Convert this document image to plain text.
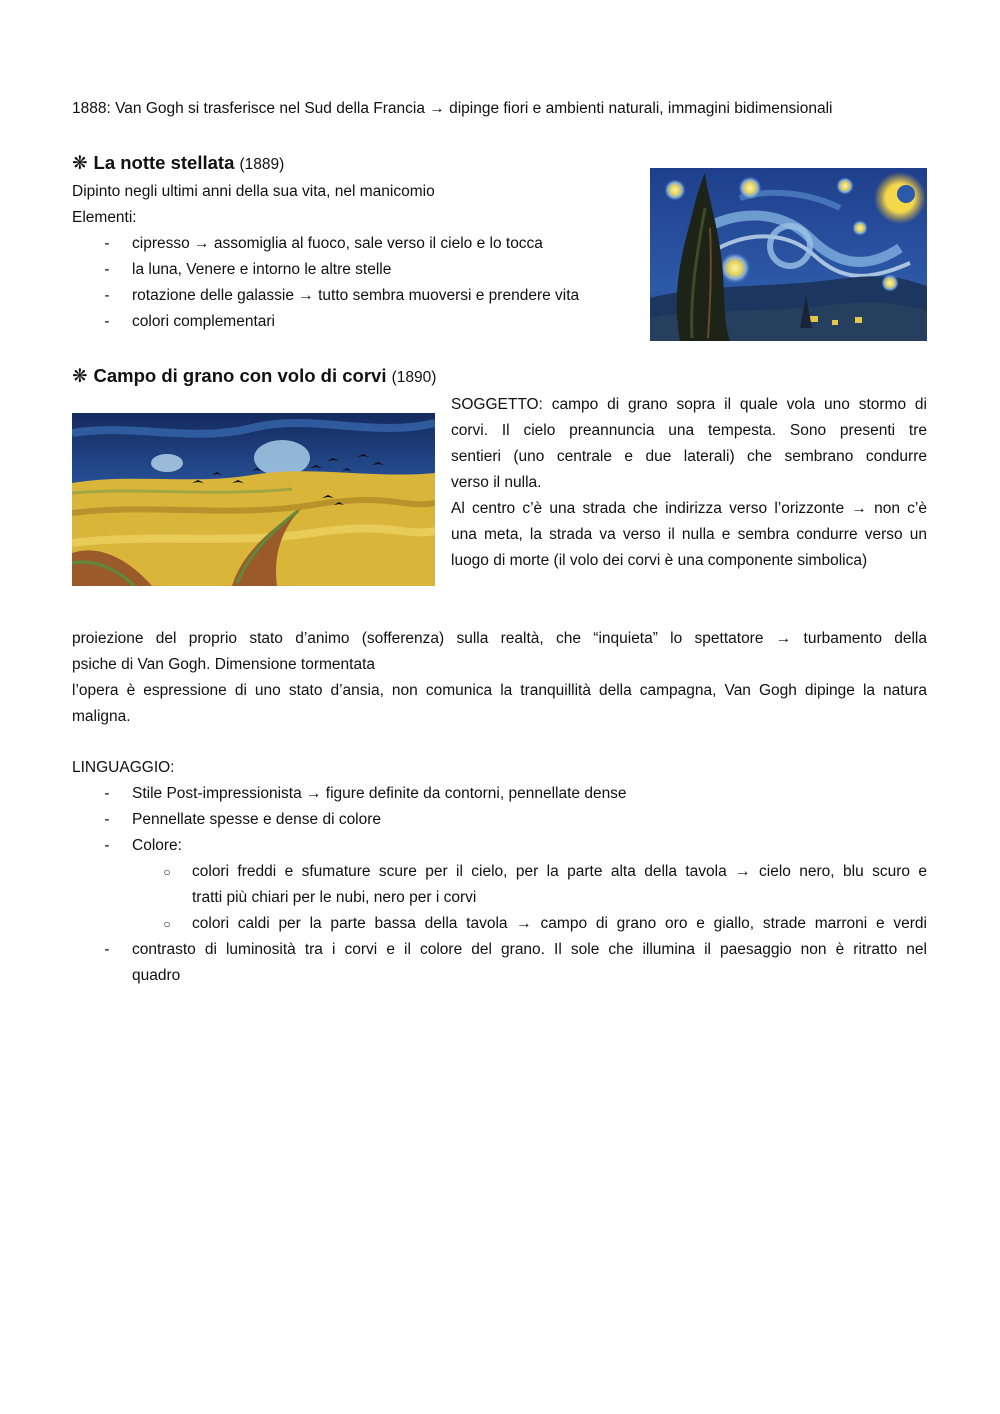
1888: Van Gogh si trasferisce nel Sud della Francia → dipinge fiori e ambienti naturali, immagini bidimensionali
❋ La notte stellata (1889)
Dipinto negli ultimi anni della sua vita, nel manicomio
Elementi:
- cipresso → assomiglia al fuoco, sale verso il cielo e lo tocca
- la luna, Venere e intorno le altre stelle
- rotazione delle galassie → tutto sembra muoversi e prendere vita
- colori complementari
❋ Campo di grano con volo di corvi (1890)
SOGGETTO: campo di grano sopra il quale vola uno stormo di
corvi. Il cielo preannuncia una tempesta. Sono presenti tre
sentieri (uno centrale e due laterali) che sembrano condurre
verso il nulla.
Al centro c’è una strada che indirizza verso l’orizzonte → non c’è
una meta, la strada va verso il nulla e sembra condurre verso un
luogo di morte (il volo dei corvi è una componente simbolica)
proiezione del proprio stato d’animo (sofferenza) sulla realtà, che “inquieta” lo spettatore → turbamento della
psiche di Van Gogh. Dimensione tormentata
l’opera è espressione di uno stato d’ansia, non comunica la tranquillità della campagna, Van Gogh dipinge la natura
maligna.
LINGUAGGIO:
- Stile Post-impressionista → figure definite da contorni, pennellate dense
- Pennellate spesse e dense di colore
- Colore:
○ colori freddi e sfumature scure per il cielo, per la parte alta della tavola → cielo nero, blu scuro e
tratti più chiari per le nubi, nero per i corvi
○ colori caldi per la parte bassa della tavola → campo di grano oro e giallo, strade marroni e verdi
- contrasto di luminosità tra i corvi e il colore del grano. Il sole che illumina il paesaggio non è ritratto nel
quadro
